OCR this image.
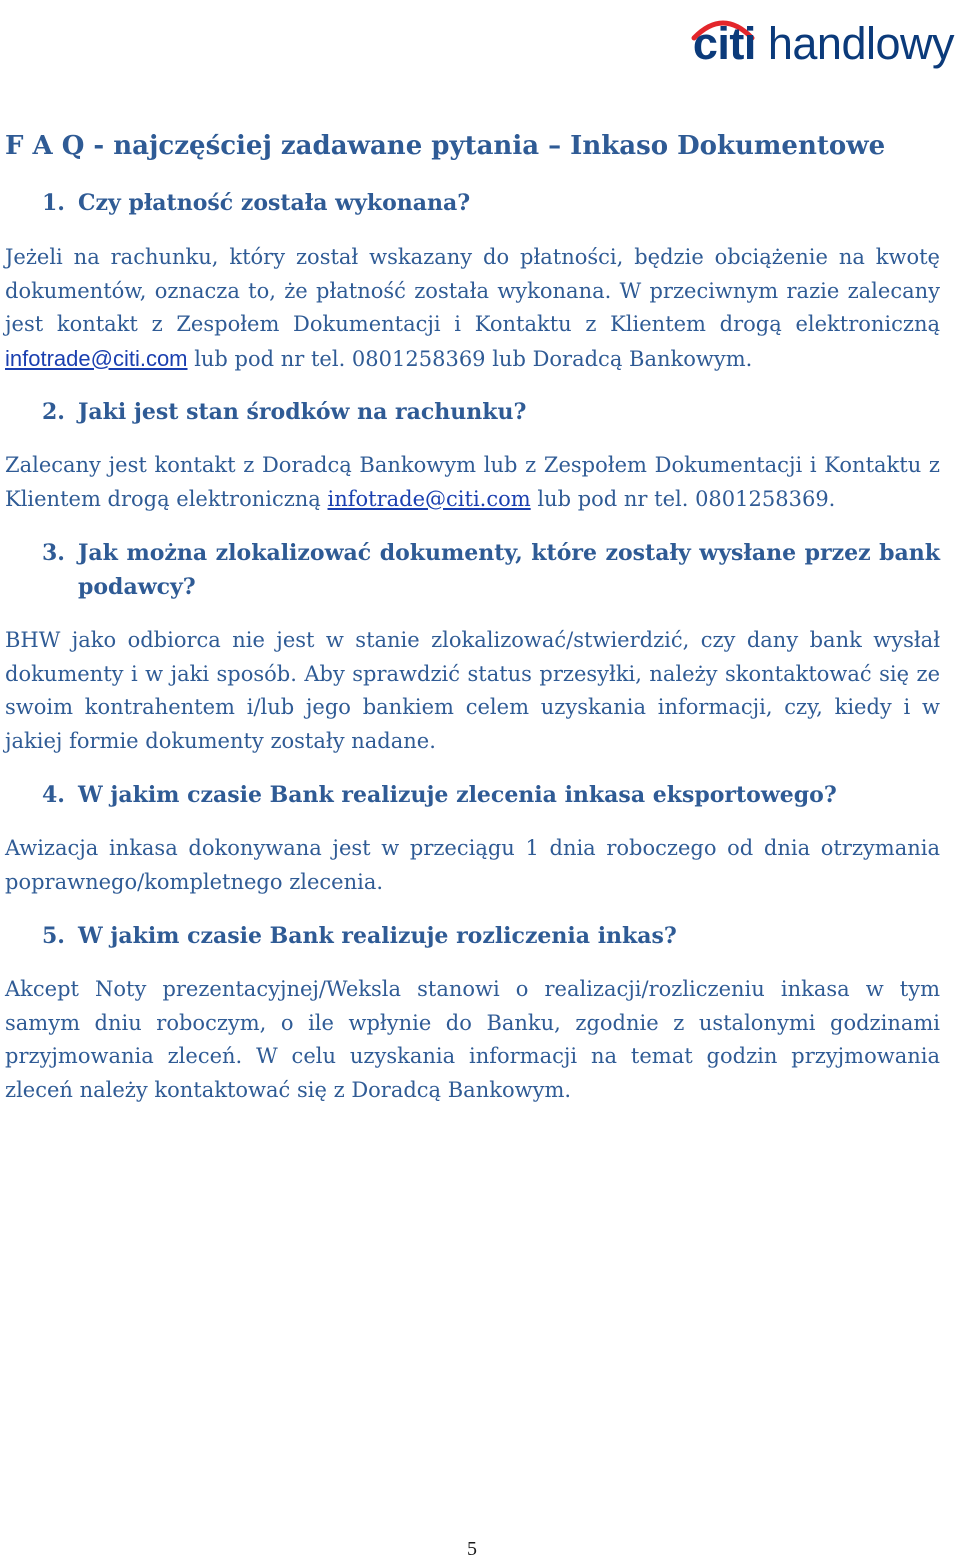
citi handlowy
F A Q - najczęściej zadawane pytania – Inkaso Dokumentowe
1. Czy płatność została wykonana?
Jeżeli na rachunku, który został wskazany do płatności, będzie obciążenie na kwotę dokumentów, oznacza to, że płatność została wykonana. W przeciwnym razie zalecany jest kontakt z Zespołem Dokumentacji i Kontaktu z Klientem drogą elektroniczną infotrade@citi.com lub pod nr tel. 0801258369 lub Doradcą Bankowym.
2. Jaki jest stan środków na rachunku?
Zalecany jest kontakt z Doradcą Bankowym lub z Zespołem Dokumentacji i Kontaktu z Klientem drogą elektroniczną infotrade@citi.com lub pod nr tel. 0801258369.
3. Jak można zlokalizować dokumenty, które zostały wysłane przez bank podawcy?
BHW jako odbiorca nie jest w stanie zlokalizować/stwierdzić, czy dany bank wysłał dokumenty i w jaki sposób. Aby sprawdzić status przesyłki, należy skontaktować się ze swoim kontrahentem i/lub jego bankiem celem uzyskania informacji, czy, kiedy i w jakiej formie dokumenty zostały nadane.
4. W jakim czasie Bank realizuje zlecenia inkasa eksportowego?
Awizacja inkasa dokonywana jest w przeciągu 1 dnia roboczego od dnia otrzymania poprawnego/kompletnego zlecenia.
5. W jakim czasie Bank realizuje rozliczenia inkas?
Akcept Noty prezentacyjnej/Weksla stanowi o realizacji/rozliczeniu inkasa w tym samym dniu roboczym, o ile wpłynie do Banku, zgodnie z ustalonymi godzinami przyjmowania zleceń. W celu uzyskania informacji na temat godzin przyjmowania zleceń należy kontaktować się z Doradcą Bankowym.
5
